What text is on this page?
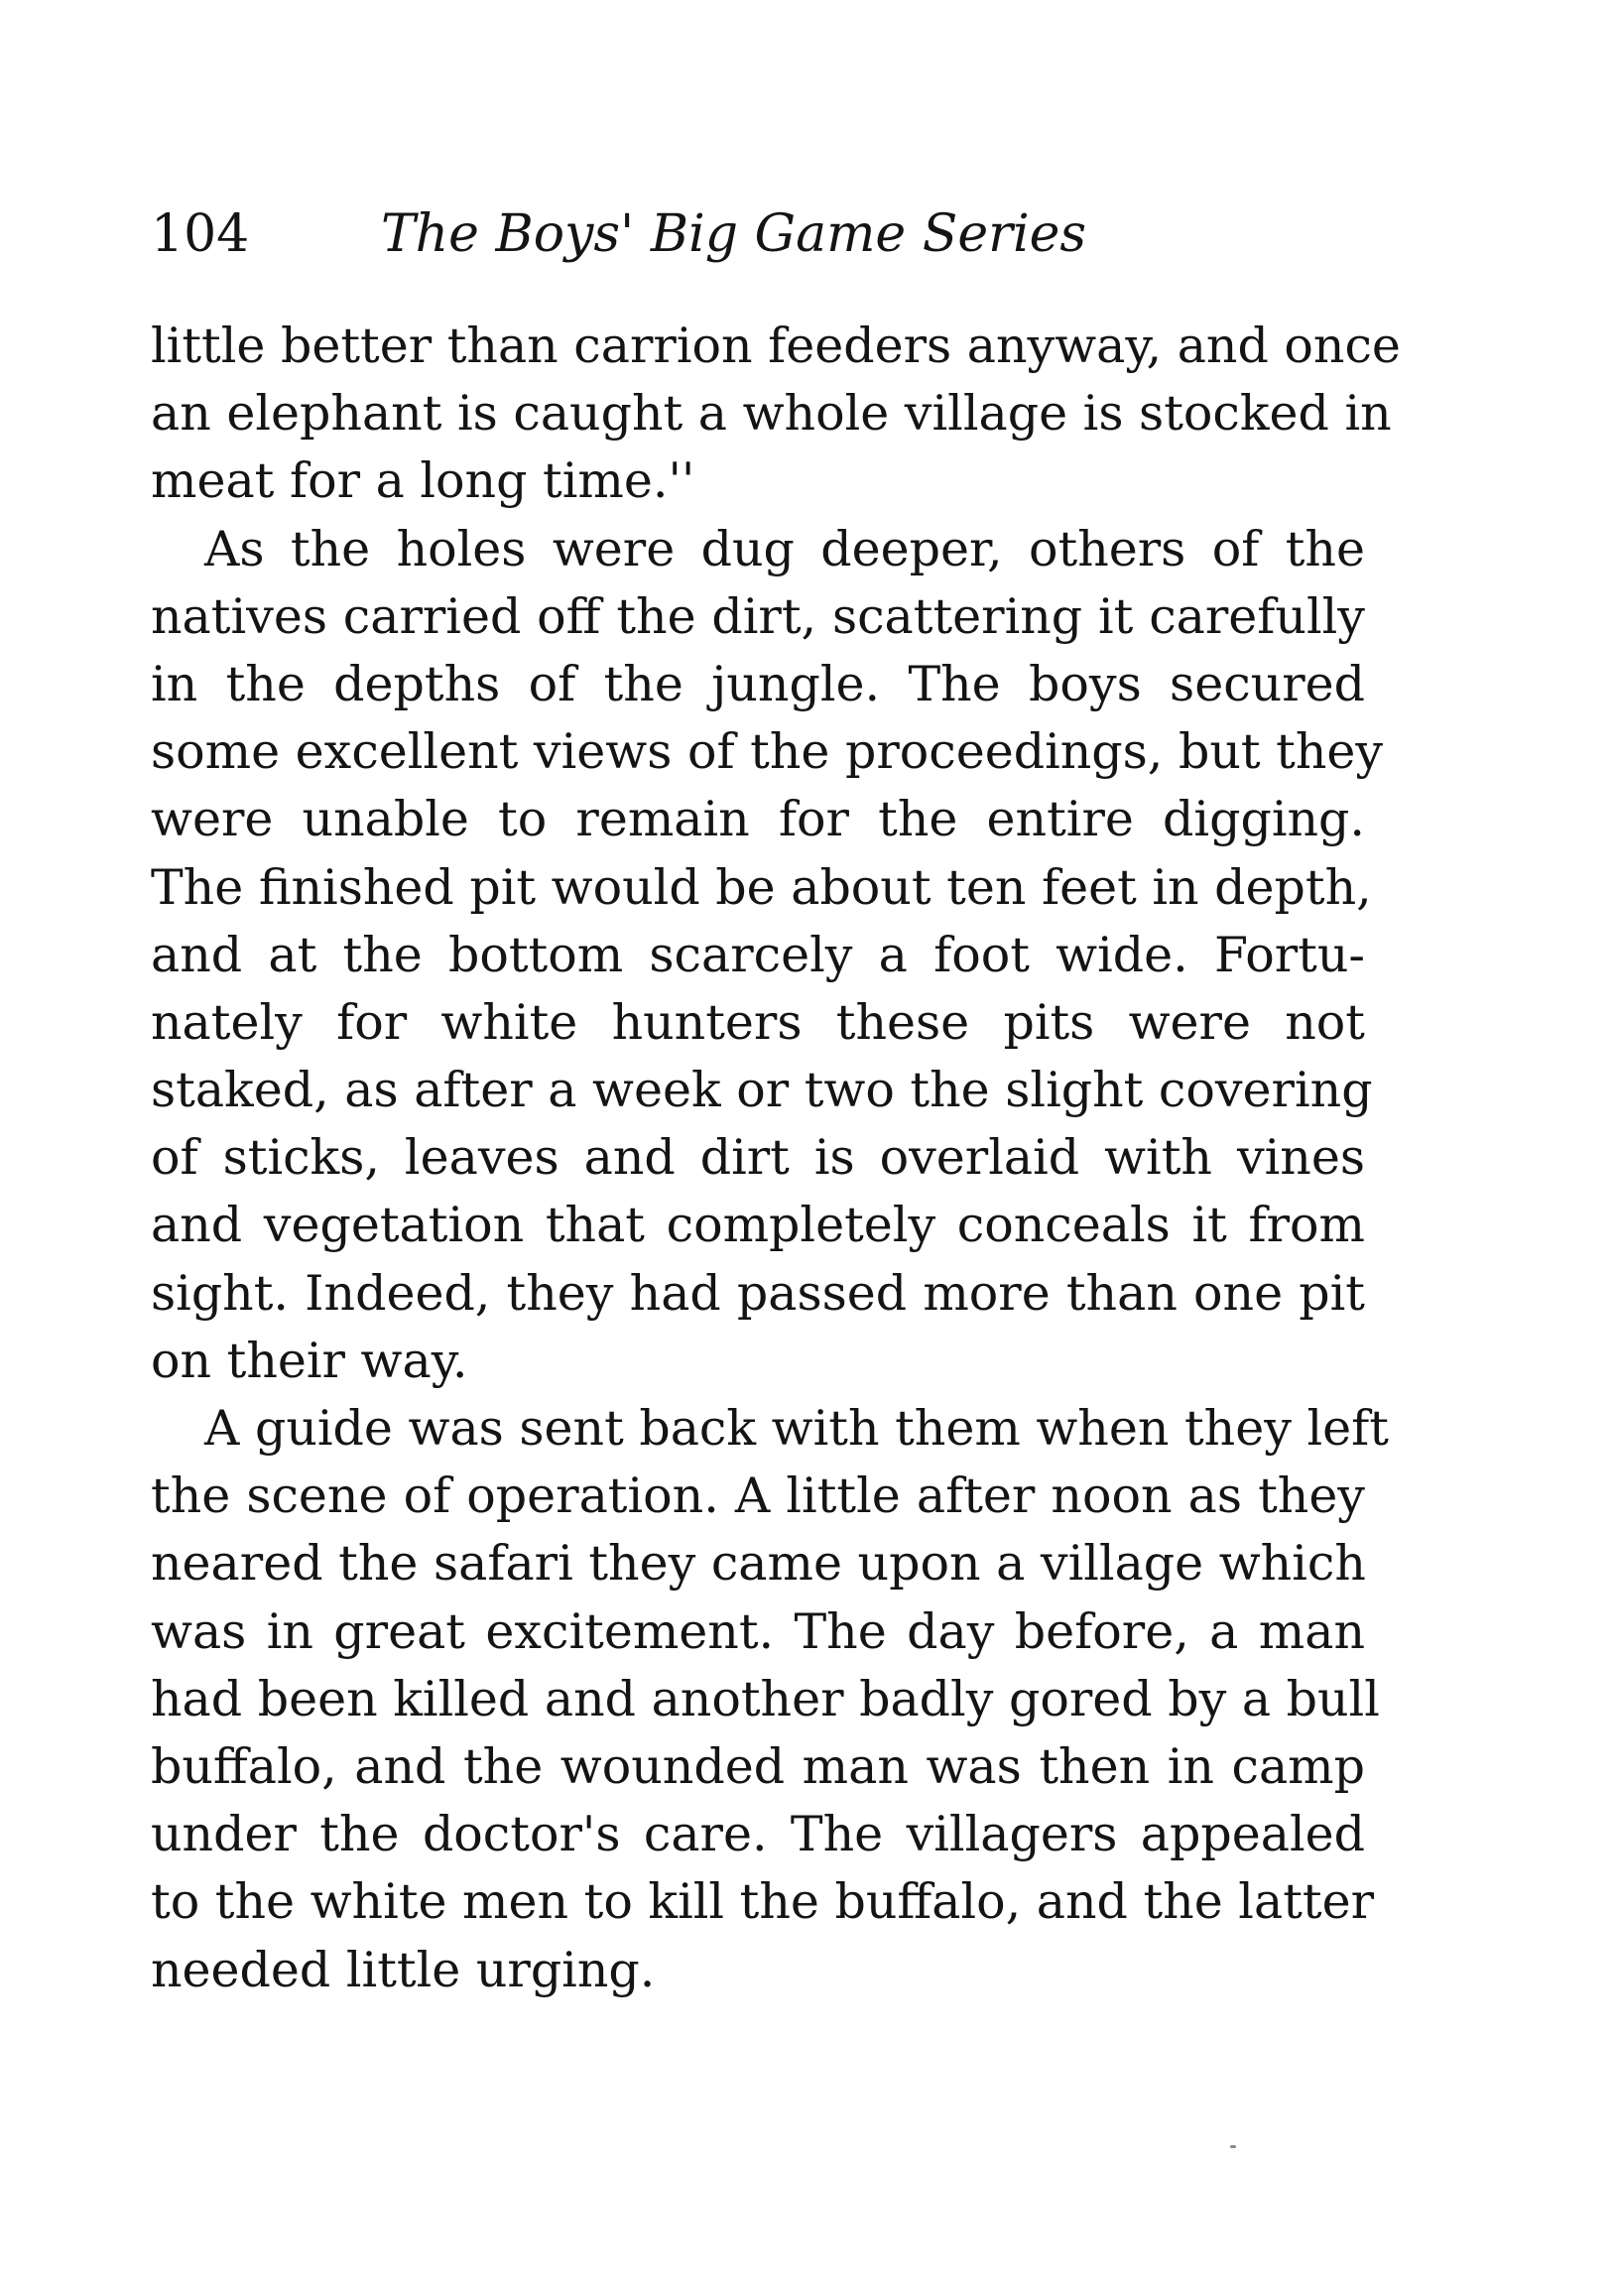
104	The Boys' Big Game Series
little better than carrion feeders anyway, and once
an elephant is caught a whole village is stocked in
meat for a long time.''
As the holes were dug deeper, others of the
natives carried off the dirt, scattering it carefully
in the depths of the jungle. The boys secured
some excellent views of the proceedings, but they
were unable to remain for the entire digging.
The finished pit would be about ten feet in depth,
and at the bottom scarcely a foot wide. Fortu-
nately for white hunters these pits were not
staked, as after a week or two the slight covering
of sticks, leaves and dirt is overlaid with vines
and vegetation that completely conceals it from
sight. Indeed, they had passed more than one pit
on their way.
A guide was sent back with them when they left
the scene of operation. A little after noon as they
neared the safari they came upon a village which
was in great excitement. The day before, a man
had been killed and another badly gored by a bull
buffalo, and the wounded man was then in camp
under the doctor's care. The villagers appealed
to the white men to kill the buffalo, and the latter
needed little urging.
